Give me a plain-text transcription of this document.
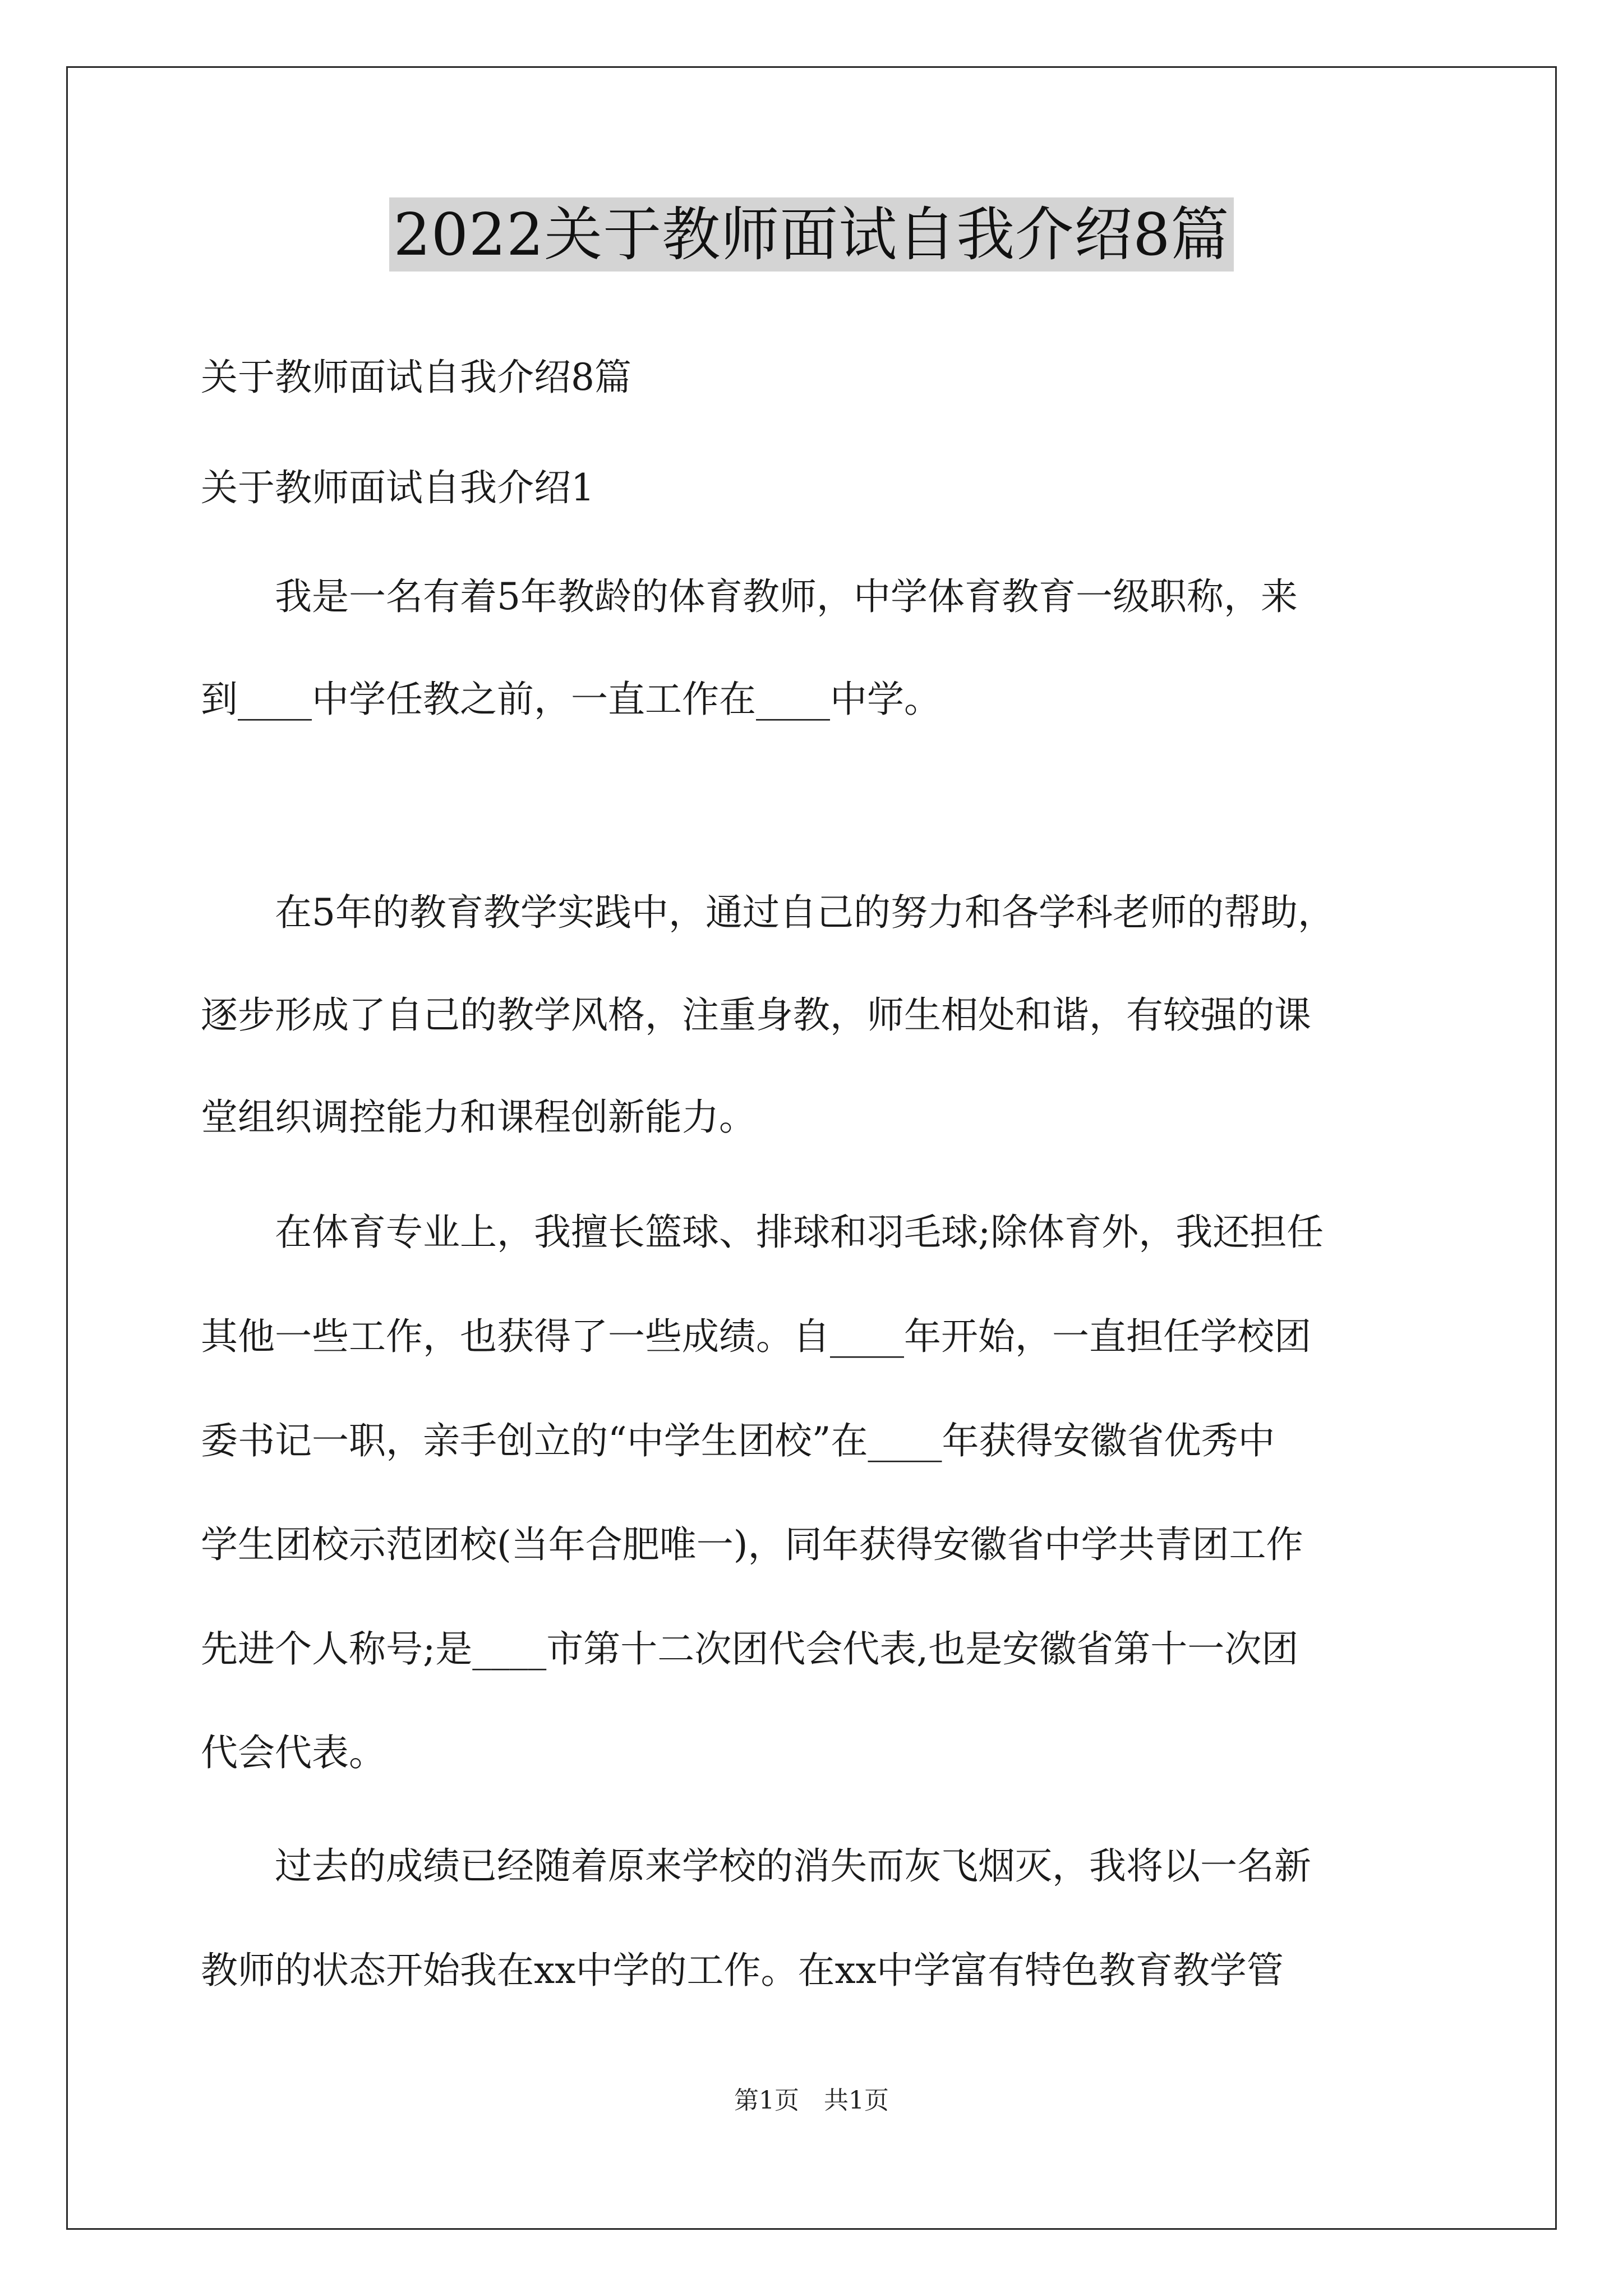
2022关于教师面试自我介绍8篇
关于教师面试自我介绍8篇
关于教师面试自我介绍1
　　我是一名有着5年教龄的体育教师，中学体育教育一级职称，来
到____中学任教之前，一直工作在____中学。
　　在5年的教育教学实践中，通过自己的努力和各学科老师的帮助，
逐步形成了自己的教学风格，注重身教，师生相处和谐，有较强的课
堂组织调控能力和课程创新能力。
　　在体育专业上，我擅长篮球、排球和羽毛球;除体育外，我还担任
其他一些工作，也获得了一些成绩。自____年开始，一直担任学校团
委书记一职，亲手创立的“中学生团校”在____年获得安徽省优秀中
学生团校示范团校(当年合肥唯一)，同年获得安徽省中学共青团工作
先进个人称号;是____市第十二次团代会代表,也是安徽省第十一次团
代会代表。
　　过去的成绩已经随着原来学校的消失而灰飞烟灭，我将以一名新
教师的状态开始我在xx中学的工作。在xx中学富有特色教育教学管
第1页　共1页
